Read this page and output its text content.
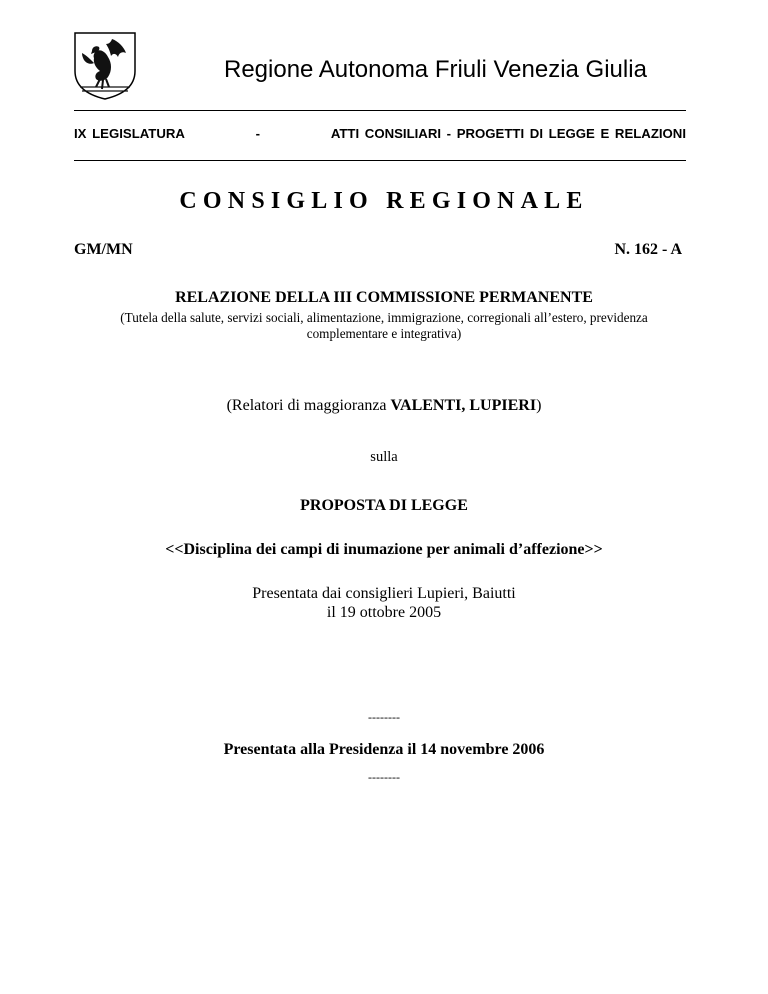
Regione Autonoma Friuli Venezia Giulia
IX LEGISLATURA	-	ATTI CONSILIARI - PROGETTI DI LEGGE E RELAZIONI
CONSIGLIO REGIONALE
GM/MN	N. 162 - A
RELAZIONE DELLA III COMMISSIONE PERMANENTE
(Tutela della salute, servizi sociali, alimentazione, immigrazione, corregionali all’estero, previdenza complementare e integrativa)
(Relatori di maggioranza VALENTI, LUPIERI)
sulla
PROPOSTA DI LEGGE
<<Disciplina dei campi di inumazione per animali d’affezione>>
Presentata dai consiglieri Lupieri, Baiutti
il 19 ottobre 2005
--------
Presentata alla Presidenza il 14 novembre 2006
--------
